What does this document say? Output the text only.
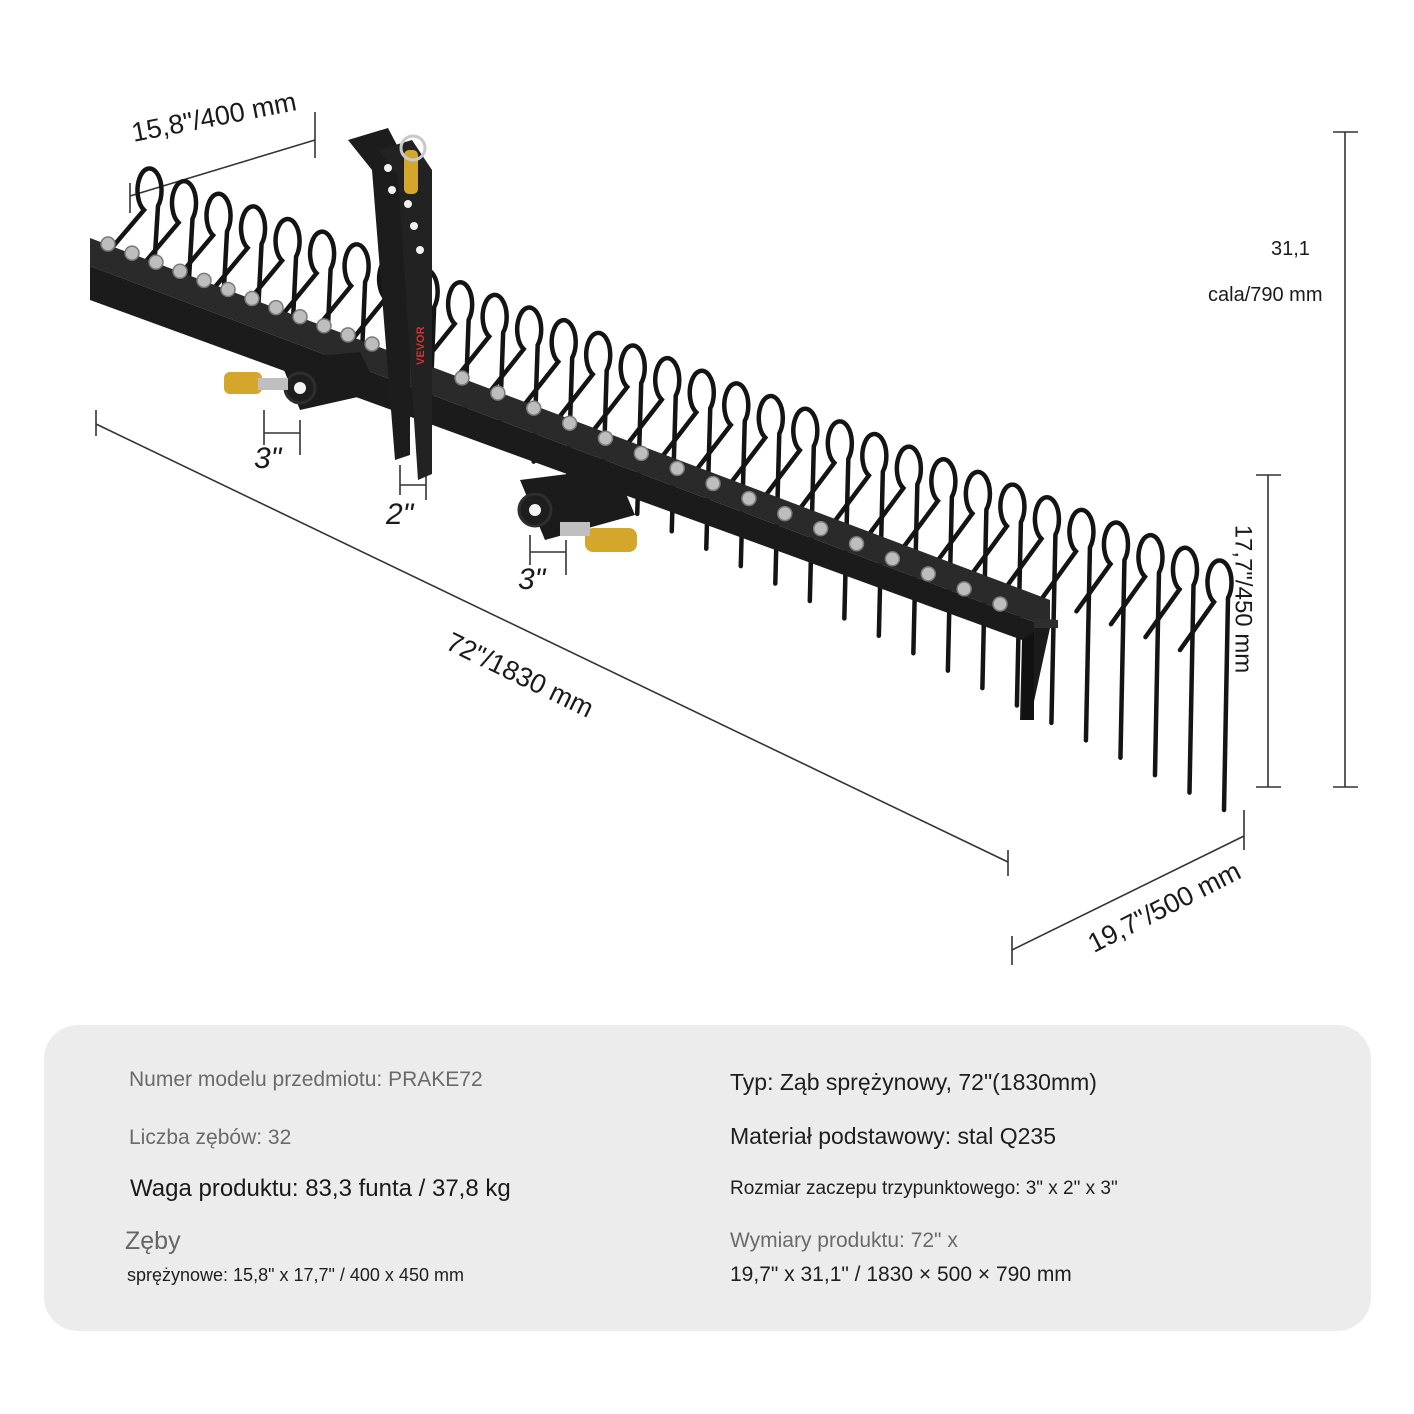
VEVOR
15,8"/400 mm
31,1
cala/790 mm
17,7"/450 mm
72"/1830 mm
19,7"/500 mm
3"
2"
3"
Numer modelu przedmiotu: PRAKE72
Liczba zębów: 32
Waga produktu: 83,3 funta / 37,8 kg
Zęby
sprężynowe: 15,8" x 17,7" / 400 x 450 mm
Typ: Ząb sprężynowy, 72"(1830mm)
Materiał podstawowy: stal Q235
Rozmiar zaczepu trzypunktowego: 3" x 2" x 3"
Wymiary produktu: 72" x
19,7" x 31,1" / 1830 × 500 × 790 mm
